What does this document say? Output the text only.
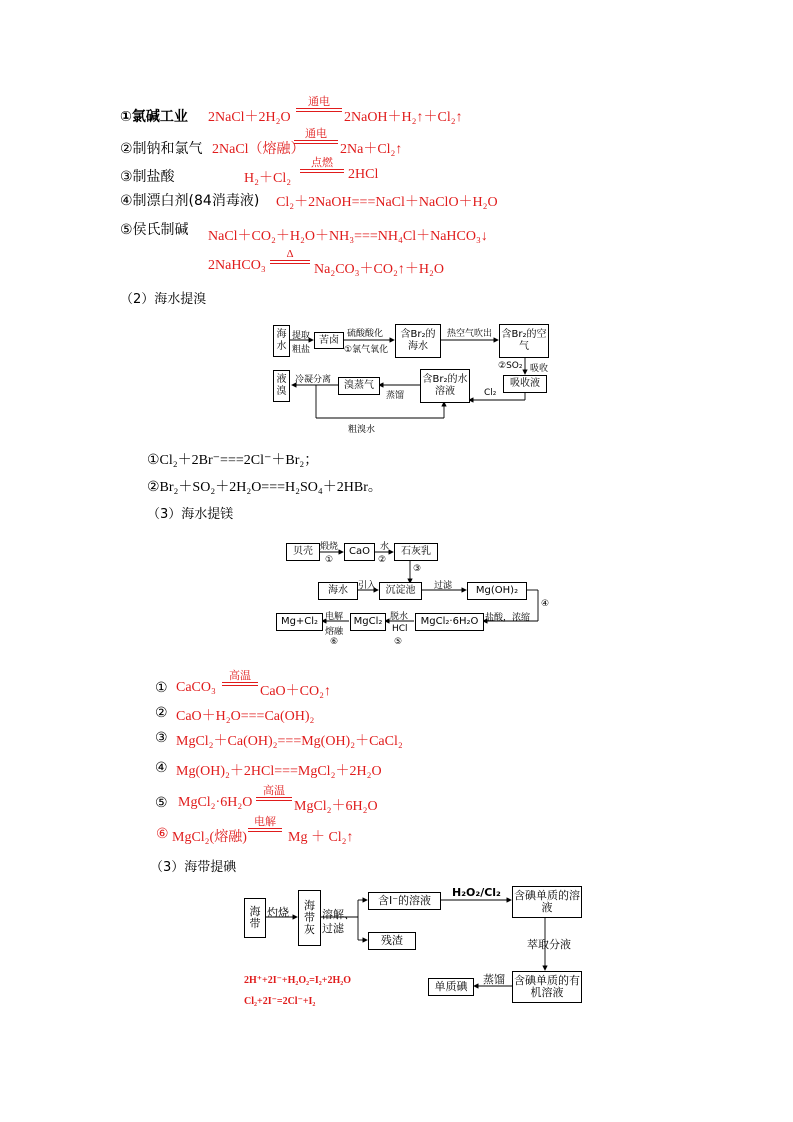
①氯碱工业 2NaCl＋2H₂O
通电
2NaOH＋H₂↑＋Cl₂↑
②制钠和氯气 2NaCl（熔融）
通电
2Na＋Cl₂↑
③制盐酸	H₂＋Cl₂
点燃
2HCl
④制漂白剂(84消毒液) Cl₂＋2NaOH===NaCl＋NaClO＋H₂O
⑤侯氏制碱 NaCl＋CO₂＋H₂O＋NH₃===NH₄Cl＋NaHCO₃↓
2NaHCO₃
Δ
Na₂CO₃＋CO₂↑＋H₂O
（2）海水提溴
海水
提取
粗盐
苦卤
硫酸酸化
①氯气氧化
含Br₂的海水
热空气吹出 含Br₂的空气
②SO₂ 吸收
吸收液
Cl₂
含Br₂的水溶液
蒸馏
溴蒸气
冷凝分离
液溴
粗溴水
①Cl₂＋2Br⁻===2Cl⁻＋Br₂；
②Br₂＋SO₂＋2H₂O===H₂SO₄＋2HBr。
（3）海水提镁
贝壳 煅烧
①
CaO	水
②
石灰乳
③
海水	引入 沉淀池	过滤	Mg(OH)₂
④
盐酸，浓缩
MgCl₂·6H₂O
脱水
HCl
⑤
MgCl₂
电解
熔融
⑥
Mg+Cl₂
① CaCO₃
高温
CaO＋CO₂↑
② CaO＋H₂O===Ca(OH)₂
③ MgCl₂＋Ca(OH)₂===Mg(OH)₂＋CaCl₂
④ Mg(OH)₂＋2HCl===MgCl₂＋2H₂O
⑤ MgCl₂·6H₂O
高温
MgCl₂＋6H₂O
⑥ MgCl₂(熔融)
电解
Mg ＋ Cl₂↑
（3）海带提碘
海带
灼烧
海带灰
溶解、过滤
含I⁻的溶液
残渣
H₂O₂/Cl₂ 含碘单质的溶液
萃取分液
含碘单质的有机溶液
蒸馏
单质碘
2H⁺+2I⁻+H₂O₂=I₂+2H₂O
Cl₂+2I⁻=2Cl⁻+I₂
